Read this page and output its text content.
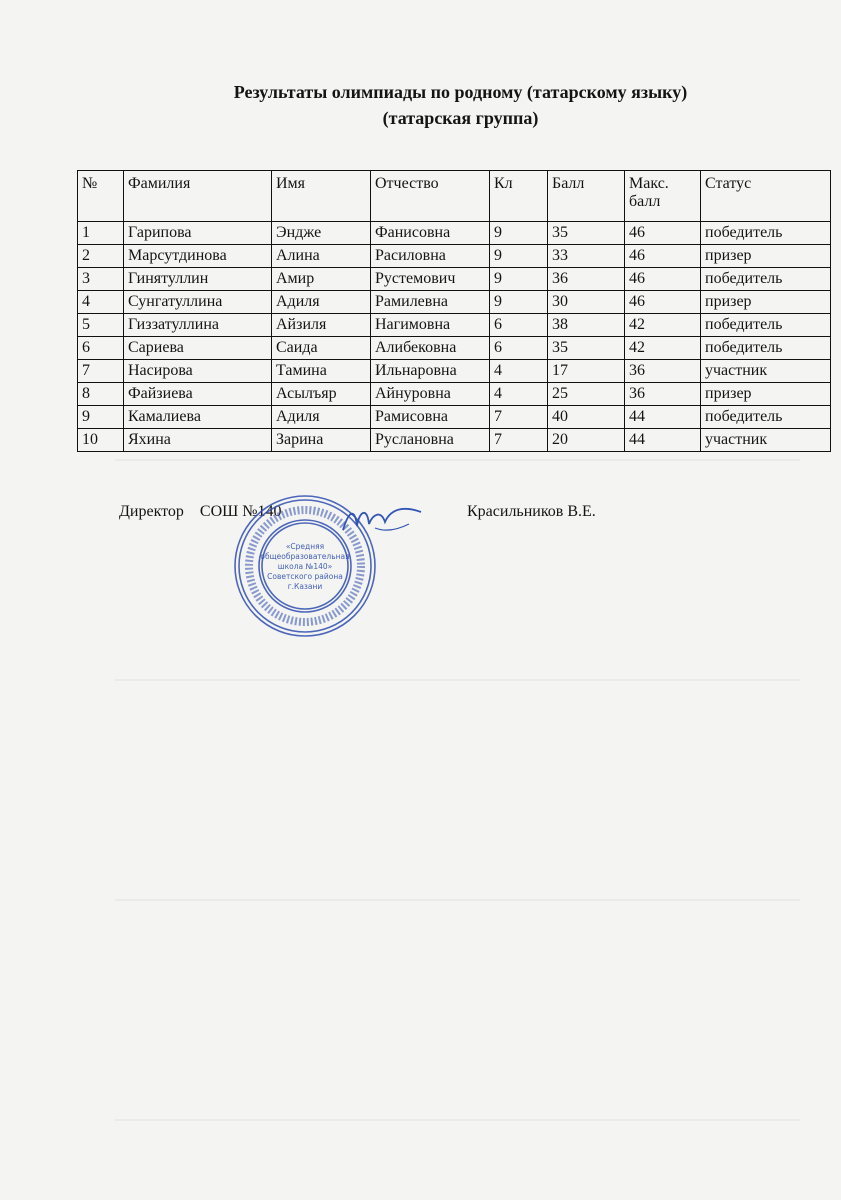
Результаты олимпиады по родному (татарскому языку)
(татарская группа)
№	Фамилия	Имя	Отчество	Кл	Балл	Макс. балл	Статус
1	Гарипова	Эндже	Фанисовна	9	35	46	победитель
2	Марсутдинова	Алина	Расиловна	9	33	46	призер
3	Гинятуллин	Амир	Рустемович	9	36	46	победитель
4	Сунгатуллина	Адиля	Рамилевна	9	30	46	призер
5	Гиззатуллина	Айзиля	Нагимовна	6	38	42	победитель
6	Сариева	Саида	Алибековна	6	35	42	победитель
7	Насирова	Тамина	Ильнаровна	4	17	36	участник
8	Файзиева	Асылъяр	Айнуровна	4	25	36	призер
9	Камалиева	Адиля	Рамисовна	7	40	44	победитель
10	Яхина	Зарина	Руслановна	7	20	44	участник
Директор    СОШ №140	Красильников В.Е.
«Средняя
общеобразовательная
школа №140»
Советского района
г.Казани
